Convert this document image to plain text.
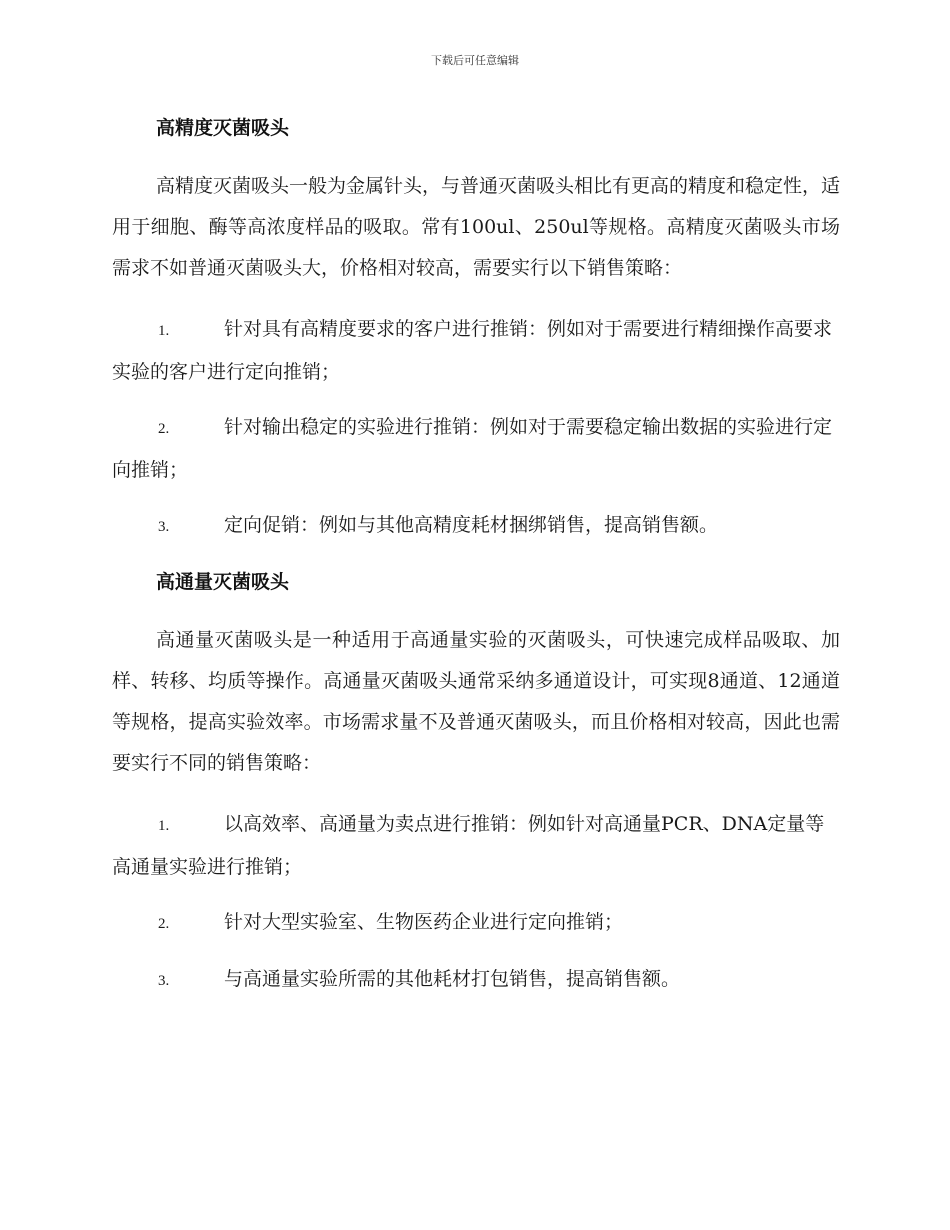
下载后可任意编辑
高精度灭菌吸头

高精度灭菌吸头一般为金属针头，与普通灭菌吸头相比有更高的精度和稳定性，适用于细胞、酶等高浓度样品的吸取。常有100ul、250ul等规格。高精度灭菌吸头市场需求不如普通灭菌吸头大，价格相对较高，需要实行以下销售策略：

1.	针对具有高精度要求的客户进行推销：例如对于需要进行精细操作高要求实验的客户进行定向推销；
2.	针对输出稳定的实验进行推销：例如对于需要稳定输出数据的实验进行定向推销；
3.	定向促销：例如与其他高精度耗材捆绑销售，提高销售额。
高通量灭菌吸头

高通量灭菌吸头是一种适用于高通量实验的灭菌吸头，可快速完成样品吸取、加样、转移、均质等操作。高通量灭菌吸头通常采纳多通道设计，可实现8通道、12通道等规格，提高实验效率。市场需求量不及普通灭菌吸头，而且价格相对较高，因此也需要实行不同的销售策略：

1.	以高效率、高通量为卖点进行推销：例如针对高通量PCR、DNA定量等高通量实验进行推销；
2.	针对大型实验室、生物医药企业进行定向推销；
3.	与高通量实验所需的其他耗材打包销售，提高销售额。
